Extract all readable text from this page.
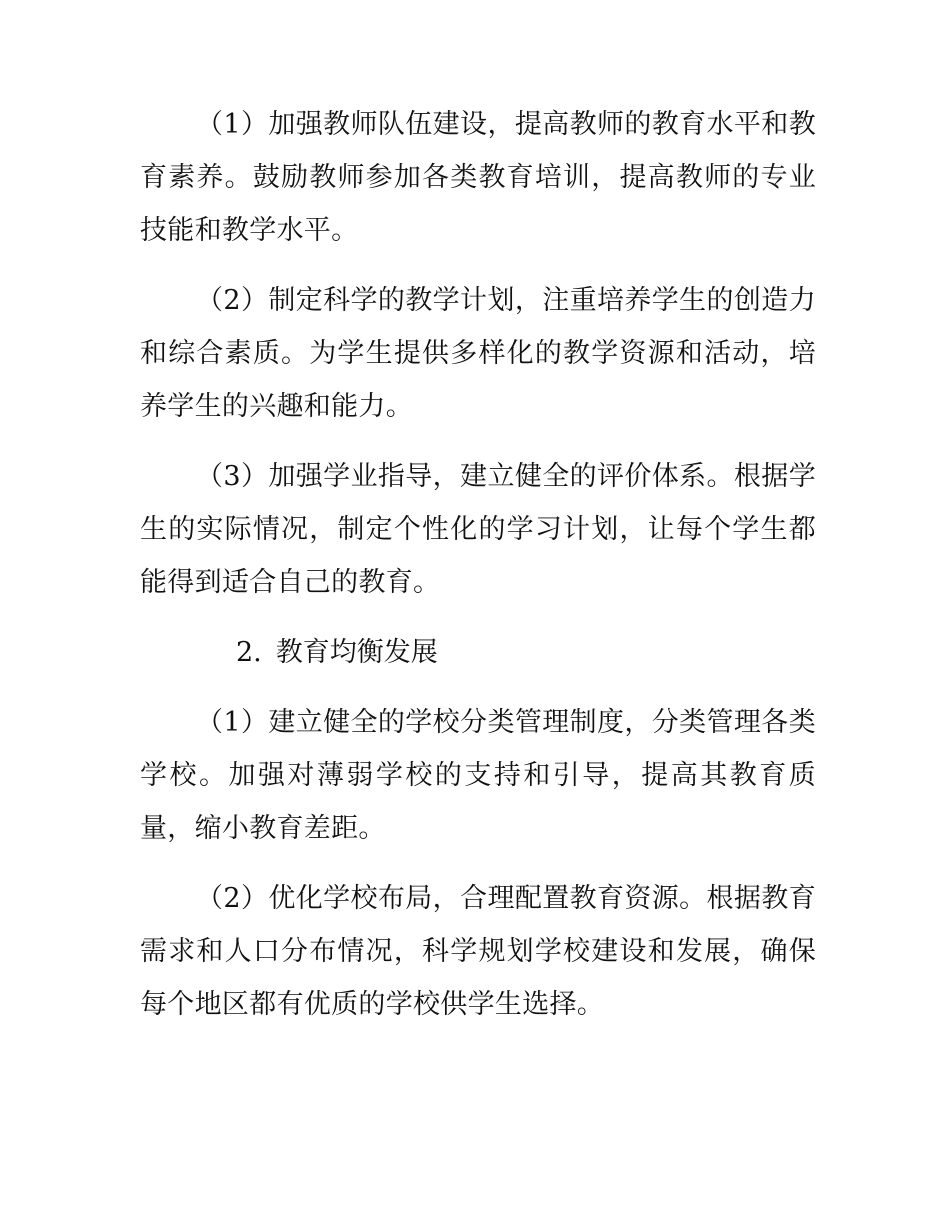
（1）加强教师队伍建设，提高教师的教育水平和教育素养。鼓励教师参加各类教育培训，提高教师的专业技能和教学水平。

（2）制定科学的教学计划，注重培养学生的创造力和综合素质。为学生提供多样化的教学资源和活动，培养学生的兴趣和能力。

（3）加强学业指导，建立健全的评价体系。根据学生的实际情况，制定个性化的学习计划，让每个学生都能得到适合自己的教育。

2. 教育均衡发展

（1）建立健全的学校分类管理制度，分类管理各类学校。加强对薄弱学校的支持和引导，提高其教育质量，缩小教育差距。

（2）优化学校布局，合理配置教育资源。根据教育需求和人口分布情况，科学规划学校建设和发展，确保每个地区都有优质的学校供学生选择。
